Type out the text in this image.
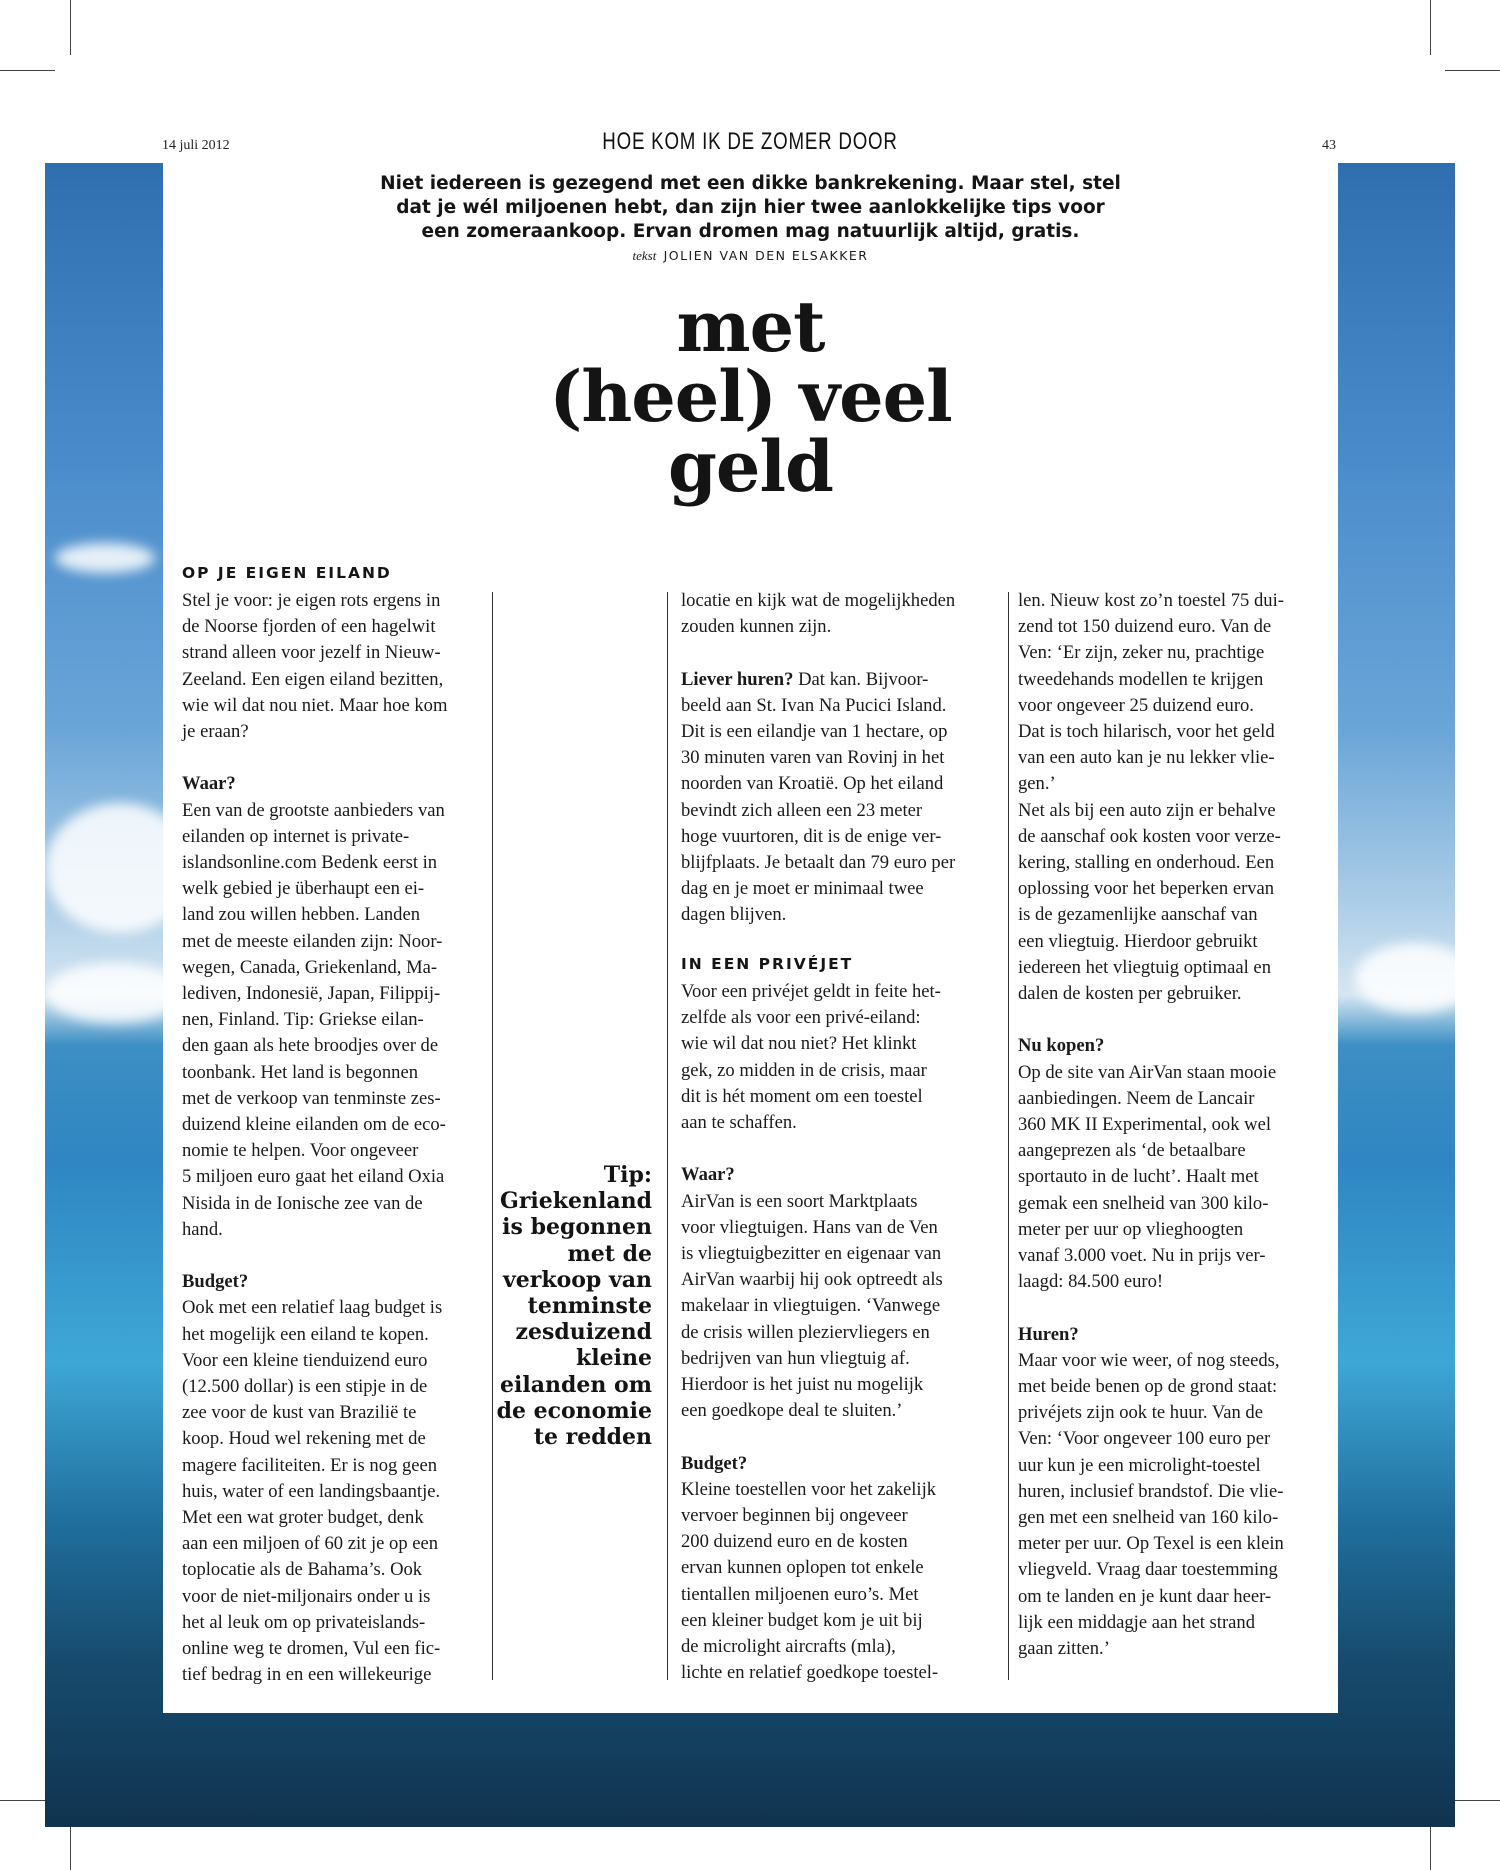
14 juli 2012	HOE KOM IK DE ZOMER DOOR	43
Niet iedereen is gezegend met een dikke bankrekening. Maar stel, stel
dat je wél miljoenen hebt, dan zijn hier twee aanlokkelijke tips voor
een zomeraankoop. Ervan dromen mag natuurlijk altijd, gratis.
tekst JOLIEN VAN DEN ELSAKKER
met
(heel) veel
geld
OP JE EIGEN EILAND

Stel je voor: je eigen rots ergens in
de Noorse fjorden of een hagelwit
strand alleen voor jezelf in Nieuw-
Zeeland. Een eigen eiland bezitten,
wie wil dat nou niet. Maar hoe kom
je eraan?

Waar?
Een van de grootste aanbieders van
eilanden op internet is private-
islandsonline.com Bedenk eerst in
welk gebied je überhaupt een ei-
land zou willen hebben. Landen
met de meeste eilanden zijn: Noor-
wegen, Canada, Griekenland, Ma-
lediven, Indonesië, Japan, Filippij-
nen, Finland. Tip: Griekse eilan-
den gaan als hete broodjes over de
toonbank. Het land is begonnen
met de verkoop van tenminste zes-
duizend kleine eilanden om de eco-
nomie te helpen. Voor ongeveer
5 miljoen euro gaat het eiland Oxia
Nisida in de Ionische zee van de
hand.

Budget?
Ook met een relatief laag budget is
het mogelijk een eiland te kopen.
Voor een kleine tienduizend euro
(12.500 dollar) is een stipje in de
zee voor de kust van Brazilië te
koop. Houd wel rekening met de
magere faciliteiten. Er is nog geen
huis, water of een landingsbaantje.
Met een wat groter budget, denk
aan een miljoen of 60 zit je op een
toplocatie als de Bahama’s. Ook
voor de niet-miljonairs onder u is
het al leuk om op privateislands-
online weg te dromen, Vul een fic-
tief bedrag in en een willekeurige

Tip:
Griekenland
is begonnen
met de
verkoop van
tenminste
zesduizend
kleine
eilanden om
de economie
te redden

locatie en kijk wat de mogelijkheden
zouden kunnen zijn.

Liever huren? Dat kan. Bijvoor-
beeld aan St. Ivan Na Pucici Island.
Dit is een eilandje van 1 hectare, op
30 minuten varen van Rovinj in het
noorden van Kroatië. Op het eiland
bevindt zich alleen een 23 meter
hoge vuurtoren, dit is de enige ver-
blijfplaats. Je betaalt dan 79 euro per
dag en je moet er minimaal twee
dagen blijven.

IN EEN PRIVÉJET
Voor een privéjet geldt in feite het-
zelfde als voor een privé-eiland:
wie wil dat nou niet? Het klinkt
gek, zo midden in de crisis, maar
dit is hét moment om een toestel
aan te schaffen.

Waar?
AirVan is een soort Marktplaats
voor vliegtuigen. Hans van de Ven
is vliegtuigbezitter en eigenaar van
AirVan waarbij hij ook optreedt als
makelaar in vliegtuigen. ‘Vanwege
de crisis willen pleziervliegers en
bedrijven van hun vliegtuig af.
Hierdoor is het juist nu mogelijk
een goedkope deal te sluiten.’

Budget?
Kleine toestellen voor het zakelijk
vervoer beginnen bij ongeveer
200 duizend euro en de kosten
ervan kunnen oplopen tot enkele
tientallen miljoenen euro’s. Met
een kleiner budget kom je uit bij
de microlight aircrafts (mla),
lichte en relatief goedkope toestel-

len. Nieuw kost zo’n toestel 75 dui-
zend tot 150 duizend euro. Van de
Ven: ‘Er zijn, zeker nu, prachtige
tweedehands modellen te krijgen
voor ongeveer 25 duizend euro.
Dat is toch hilarisch, voor het geld
van een auto kan je nu lekker vlie-
gen.’
Net als bij een auto zijn er behalve
de aanschaf ook kosten voor verze-
kering, stalling en onderhoud. Een
oplossing voor het beperken ervan
is de gezamenlijke aanschaf van
een vliegtuig. Hierdoor gebruikt
iedereen het vliegtuig optimaal en
dalen de kosten per gebruiker.

Nu kopen?
Op de site van AirVan staan mooie
aanbiedingen. Neem de Lancair
360 MK II Experimental, ook wel
aangeprezen als ‘de betaalbare
sportauto in de lucht’. Haalt met
gemak een snelheid van 300 kilo-
meter per uur op vlieghoogten
vanaf 3.000 voet. Nu in prijs ver-
laagd: 84.500 euro!

Huren?
Maar voor wie weer, of nog steeds,
met beide benen op de grond staat:
privéjets zijn ook te huur. Van de
Ven: ‘Voor ongeveer 100 euro per
uur kun je een microlight-toestel
huren, inclusief brandstof. Die vlie-
gen met een snelheid van 160 kilo-
meter per uur. Op Texel is een klein
vliegveld. Vraag daar toestemming
om te landen en je kunt daar heer-
lijk een middagje aan het strand
gaan zitten.’
